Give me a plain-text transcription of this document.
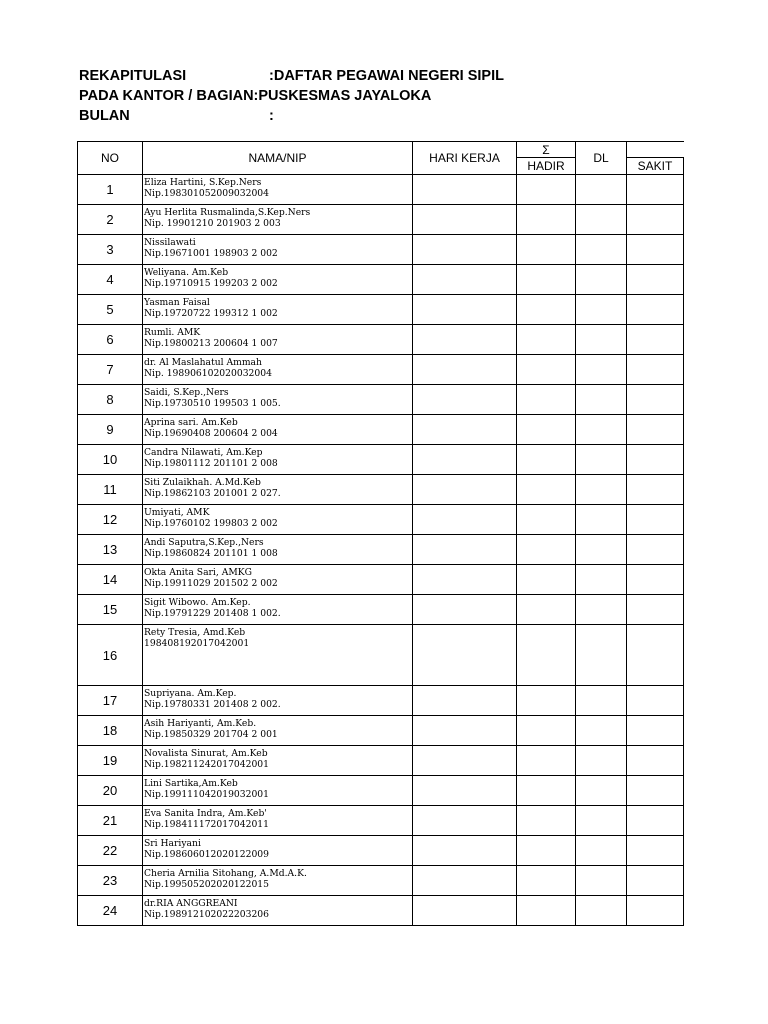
REKAPITULASI	:DAFTAR PEGAWAI NEGERI SIPIL
PADA KANTOR / BAGIAN:PUSKESMAS JAYALOKA
BULAN	:
NO	NAMA/NIP	HARI KERJA	Σ	DL	
			HADIR		SAKIT
1	Eliza Hartini, S.Kep.Ners
Nip.198301052009032004				

2	Ayu Herlita Rusmalinda,S.Kep.Ners
Nip. 19901210 201903 2 003				

3	Nissilawati
Nip.19671001 198903 2 002				

4	Weliyana. Am.Keb
Nip.19710915 199203 2 002				

5	Yasman Faisal
Nip.19720722 199312 1 002				

6	Rumli. AMK
Nip.19800213 200604 1 007				

7	dr. Al Maslahatul Ammah
Nip. 198906102020032004				

8	Saidi, S.Kep.,Ners
Nip.19730510 199503 1 005.				

9	Aprina sari. Am.Keb
Nip.19690408 200604 2 004				

10	Candra Nilawati, Am.Kep
Nip.19801112 201101 2 008				

11	Siti Zulaikhah. A.Md.Keb
Nip.19862103 201001 2 027.				

12	Umiyati, AMK
Nip.19760102 199803 2 002				

13	Andi Saputra,S.Kep.,Ners
Nip.19860824 201101 1 008				

14	Okta Anita Sari, AMKG
Nip.19911029 201502 2 002				

15	Sigit Wibowo. Am.Kep.
Nip.19791229 201408 1 002.				

16	Rety Tresia, Amd.Keb
198408192017042001				

17	Supriyana. Am.Kep.
Nip.19780331 201408 2 002.				

18	Asih Hariyanti, Am.Keb.
Nip.19850329 201704 2 001				

19	Novalista Sinurat, Am.Keb
Nip.198211242017042001				

20	Lini Sartika,Am.Keb
Nip.199111042019032001				

21	Eva Sanita Indra, Am.Keb'
Nip.198411172017042011				

22	Sri Hariyani
Nip.198606012020122009				

23	Cheria Arnilia Sitohang, A.Md.A.K.
Nip.199505202020122015				

24	dr.RIA ANGGREANI
Nip.198912102022203206				
